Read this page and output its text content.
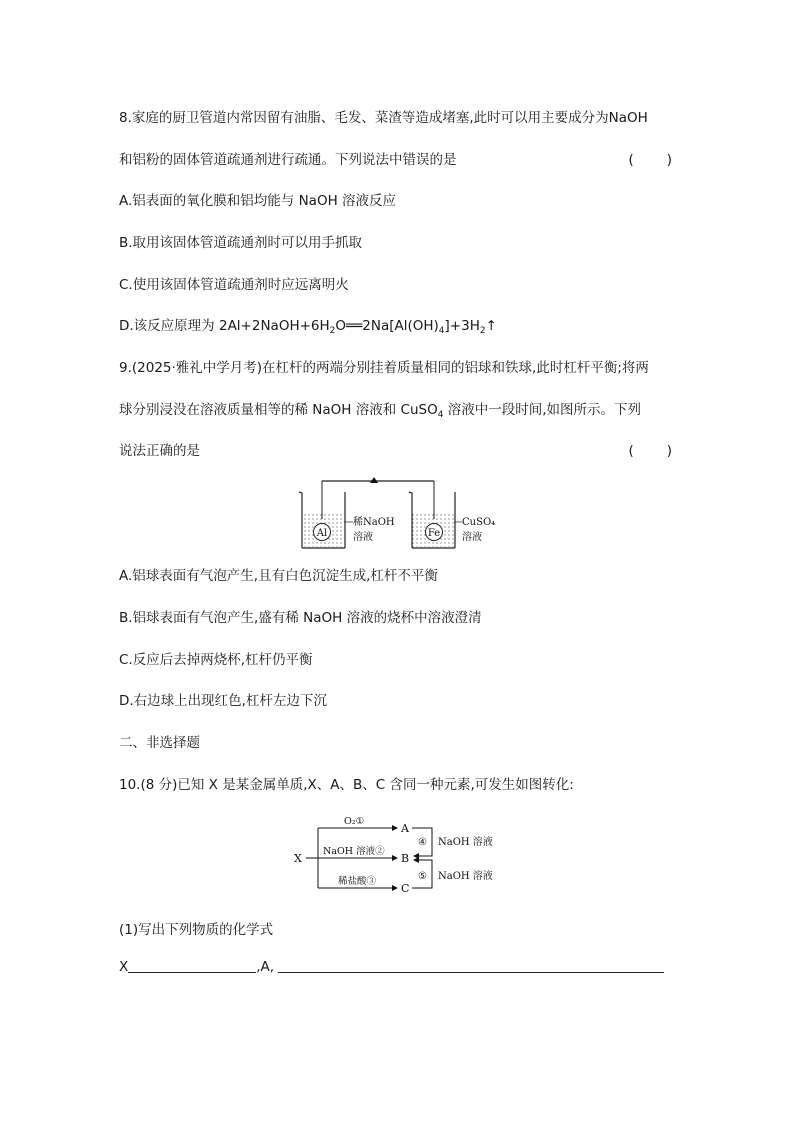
8.家庭的厨卫管道内常因留有油脂、毛发、菜渣等造成堵塞,此时可以用主要成分为NaOH
和铝粉的固体管道疏通剂进行疏通。下列说法中错误的是	(　　)
A.铝表面的氧化膜和铝均能与 NaOH 溶液反应
B.取用该固体管道疏通剂时可以用手抓取
C.使用该固体管道疏通剂时应远离明火
D.该反应原理为 $2Al+2NaOH+6H_2O══2Na[Al(OH)_4]+3H_2↑$
9.(2025·雅礼中学月考)在杠杆的两端分别挂着质量相同的铝球和铁球,此时杠杆平衡;将两
球分别浸没在溶液质量相等的稀 NaOH 溶液和 CuSO$_4$ 溶液中一段时间,如图所示。下列
说法正确的是	(　　)
Al
稀NaOH
溶液	Fe
CuSO₄
溶液
A.铝球表面有气泡产生,且有白色沉淀生成,杠杆不平衡
B.铝球表面有气泡产生,盛有稀 NaOH 溶液的烧杯中溶液澄清
C.反应后去掉两烧杯,杠杆仍平衡
D.右边球上出现红色,杠杆左边下沉
二、非选择题
10.(8 分)已知 X 是某金属单质,X、A、B、C 含同一种元素,可发生如图转化:
X
O₂①
A
NaOH 溶液②
B
稀盐酸③
C
④ NaOH 溶液
⑤ NaOH 溶液
(1)写出下列物质的化学式
X	,A,
